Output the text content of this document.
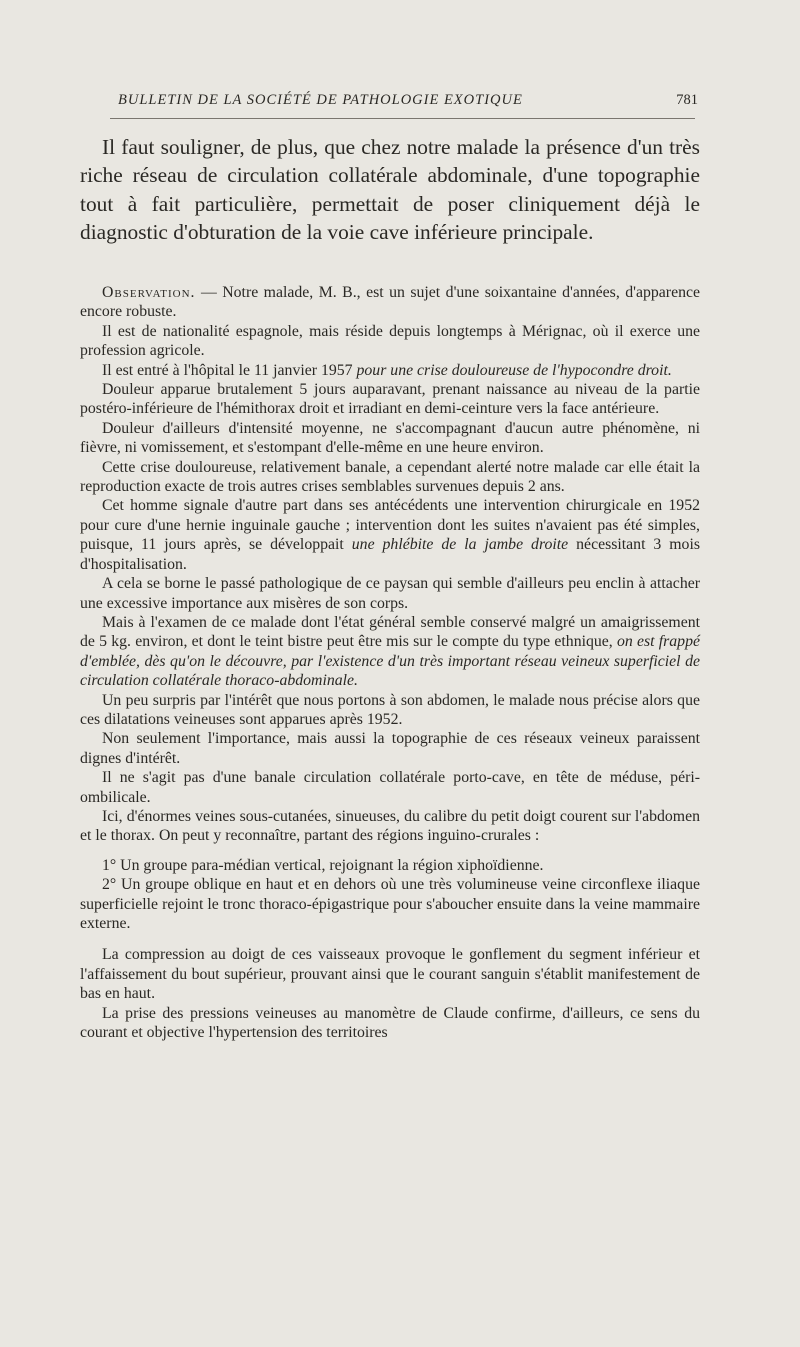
BULLETIN DE LA SOCIÉTÉ DE PATHOLOGIE EXOTIQUE	781

Il faut souligner, de plus, que chez notre malade la présence d'un très riche réseau de circulation collatérale abdominale, d'une topographie tout à fait particulière, permettait de poser cliniquement déjà le diagnostic d'obturation de la voie cave inférieure principale.

Observation. — Notre malade, M. B., est un sujet d'une soixantaine d'années, d'apparence encore robuste.

Il est de nationalité espagnole, mais réside depuis longtemps à Mérignac, où il exerce une profession agricole.

Il est entré à l'hôpital le 11 janvier 1957 pour une crise douloureuse de l'hypocondre droit.

Douleur apparue brutalement 5 jours auparavant, prenant naissance au niveau de la partie postéro-inférieure de l'hémithorax droit et irradiant en demi-ceinture vers la face antérieure.

Douleur d'ailleurs d'intensité moyenne, ne s'accompagnant d'aucun autre phénomène, ni fièvre, ni vomissement, et s'estompant d'elle-même en une heure environ.

Cette crise douloureuse, relativement banale, a cependant alerté notre malade car elle était la reproduction exacte de trois autres crises semblables survenues depuis 2 ans.

Cet homme signale d'autre part dans ses antécédents une intervention chirurgicale en 1952 pour cure d'une hernie inguinale gauche ; intervention dont les suites n'avaient pas été simples, puisque, 11 jours après, se développait une phlébite de la jambe droite nécessitant 3 mois d'hospitalisation.

A cela se borne le passé pathologique de ce paysan qui semble d'ailleurs peu enclin à attacher une excessive importance aux misères de son corps.

Mais à l'examen de ce malade dont l'état général semble conservé malgré un amaigrissement de 5 kg. environ, et dont le teint bistre peut être mis sur le compte du type ethnique, on est frappé d'emblée, dès qu'on le découvre, par l'existence d'un très important réseau veineux superficiel de circulation collatérale thoraco-abdominale.

Un peu surpris par l'intérêt que nous portons à son abdomen, le malade nous précise alors que ces dilatations veineuses sont apparues après 1952.

Non seulement l'importance, mais aussi la topographie de ces réseaux veineux paraissent dignes d'intérêt.

Il ne s'agit pas d'une banale circulation collatérale porto-cave, en tête de méduse, péri-ombilicale.

Ici, d'énormes veines sous-cutanées, sinueuses, du calibre du petit doigt courent sur l'abdomen et le thorax. On peut y reconnaître, partant des régions inguino-crurales :

1° Un groupe para-médian vertical, rejoignant la région xiphoïdienne.

2° Un groupe oblique en haut et en dehors où une très volumineuse veine circonflexe iliaque superficielle rejoint le tronc thoraco-épigastrique pour s'aboucher ensuite dans la veine mammaire externe.

La compression au doigt de ces vaisseaux provoque le gonflement du segment inférieur et l'affaissement du bout supérieur, prouvant ainsi que le courant sanguin s'établit manifestement de bas en haut.

La prise des pressions veineuses au manomètre de Claude confirme, d'ailleurs, ce sens du courant et objective l'hypertension des territoires
